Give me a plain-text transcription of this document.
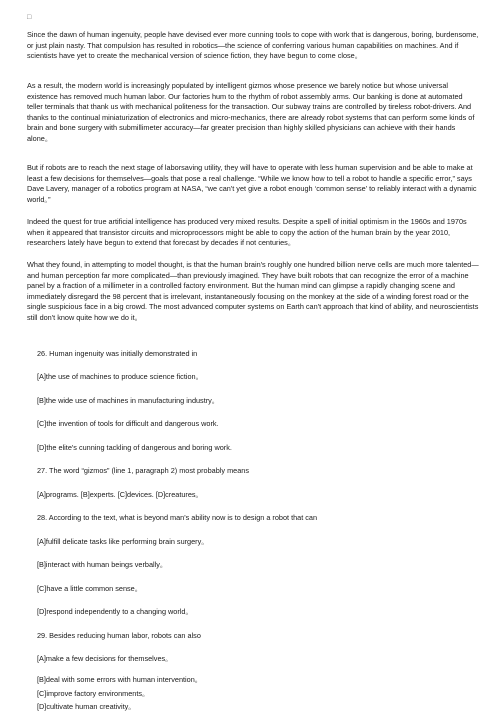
□

Since the dawn of human ingenuity, people have devised ever more cunning tools to cope with work that is dangerous, boring, burdensome, or just plain nasty. That compulsion has resulted in robotics—the science of conferring various human capabilities on machines. And if scientists have yet to create the mechanical version of science fiction, they have begun to come close。

As a result, the modern world is increasingly populated by intelligent gizmos whose presence we barely notice but whose universal existence has removed much human labor. Our factories hum to the rhythm of robot assembly arms. Our banking is done at automated teller terminals that thank us with mechanical politeness for the transaction. Our subway trains are controlled by tireless robot-drivers. And thanks to the continual miniaturization of electronics and micro-mechanics, there are already robot systems that can perform some kinds of brain and bone surgery with submillimeter accuracy—far greater precision than highly skilled physicians can achieve with their hands alone。

But if robots are to reach the next stage of laborsaving utility, they will have to operate with less human supervision and be able to make at least a few decisions for themselves—goals that pose a real challenge. “While we know how to tell a robot to handle a specific error,” says Dave Lavery, manager of a robotics program at NASA, “we can't yet give a robot enough ‘common sense’ to reliably interact with a dynamic world。”

Indeed the quest for true artificial intelligence has produced very mixed results. Despite a spell of initial optimism in the 1960s and 1970s when it appeared that transistor circuits and microprocessors might be able to copy the action of the human brain by the year 2010, researchers lately have begun to extend that forecast by decades if not centuries。

What they found, in attempting to model thought, is that the human brain's roughly one hundred billion nerve cells are much more talented—and human perception far more complicated—than previously imagined. They have built robots that can recognize the error of a machine panel by a fraction of a millimeter in a controlled factory environment. But the human mind can glimpse a rapidly changing scene and immediately disregard the 98 percent that is irrelevant, instantaneously focusing on the monkey at the side of a winding forest road or the single suspicious face in a big crowd. The most advanced computer systems on Earth can't approach that kind of ability, and neuroscientists still don't know quite how we do it。

26. Human ingenuity was initially demonstrated in

[A]the use of machines to produce science fiction。

[B]the wide use of machines in manufacturing industry。

[C]the invention of tools for difficult and dangerous work.

[D]the elite's cunning tackling of dangerous and boring work.

27. The word “gizmos” (line 1, paragraph 2) most probably means

[A]programs. [B]experts. [C]devices. [D]creatures。

28. According to the text, what is beyond man's ability now is to design a robot that can

[A]fulfill delicate tasks like performing brain surgery。

[B]interact with human beings verbally。

[C]have a little common sense。

[D]respond independently to a changing world。

29. Besides reducing human labor, robots can also

[A]make a few decisions for themselves。

[B]deal with some errors with human intervention。

[C]improve factory environments。

[D]cultivate human creativity。
